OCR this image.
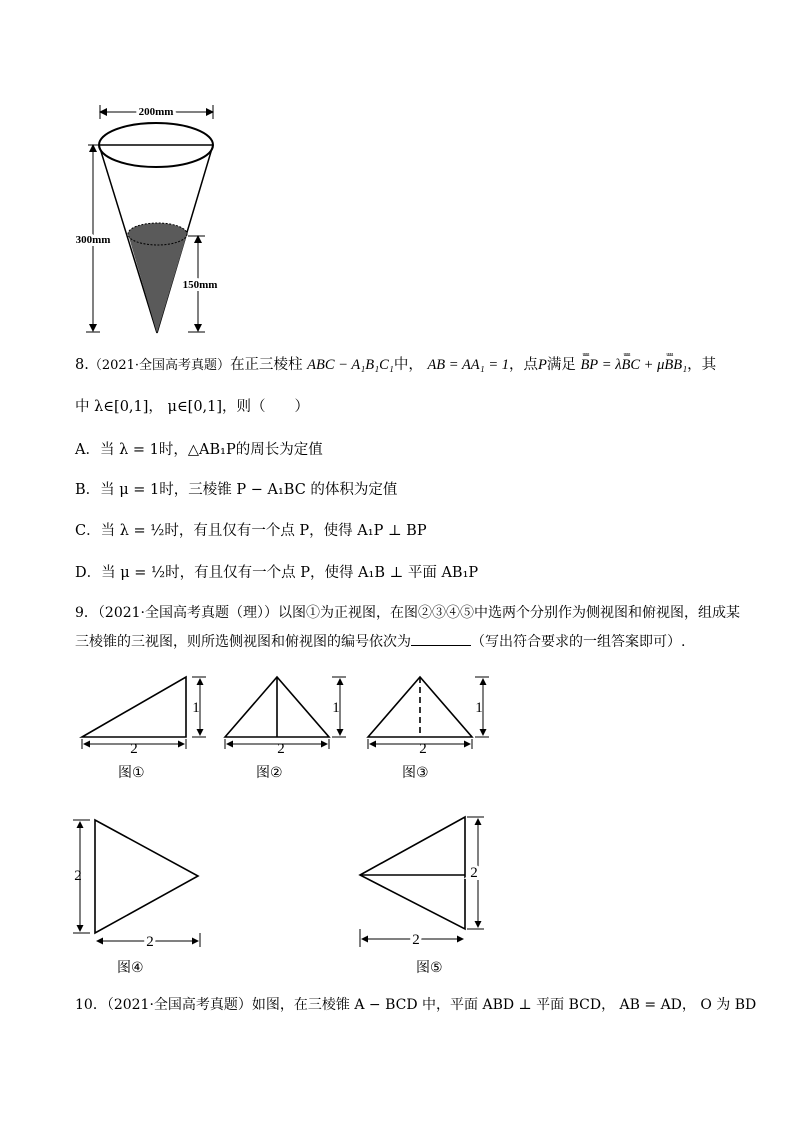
200mm
300mm
150mm
8.（2021·全国高考真题）在正三棱柱 ABC − A₁B₁C₁中， AB = AA₁ = 1，点P满足 uuu BP = λuuu BC + μuuu BB₁，其
中 λ∈[0,1]， μ∈[0,1]，则（　　）
A．当 λ = 1时，△AB₁P的周长为定值
B．当 μ = 1时，三棱锥 P − A₁BC 的体积为定值
C．当 λ = ½时，有且仅有一个点 P，使得 A₁P ⊥ BP
D．当 μ = ½时，有且仅有一个点 P，使得 A₁B ⊥ 平面 AB₁P
9．（2021·全国高考真题（理））以图①为正视图，在图②③④⑤中选两个分别作为侧视图和俯视图，组成某
三棱锥的三视图，则所选侧视图和俯视图的编号依次为	（写出符合要求的一组答案即可）.
2
1
图①
2
1
图②
2
1
图③
2
2
图④
2
2
图⑤
10．（2021·全国高考真题）如图，在三棱锥 A − BCD 中，平面 ABD ⊥ 平面 BCD， AB = AD， O 为 BD
